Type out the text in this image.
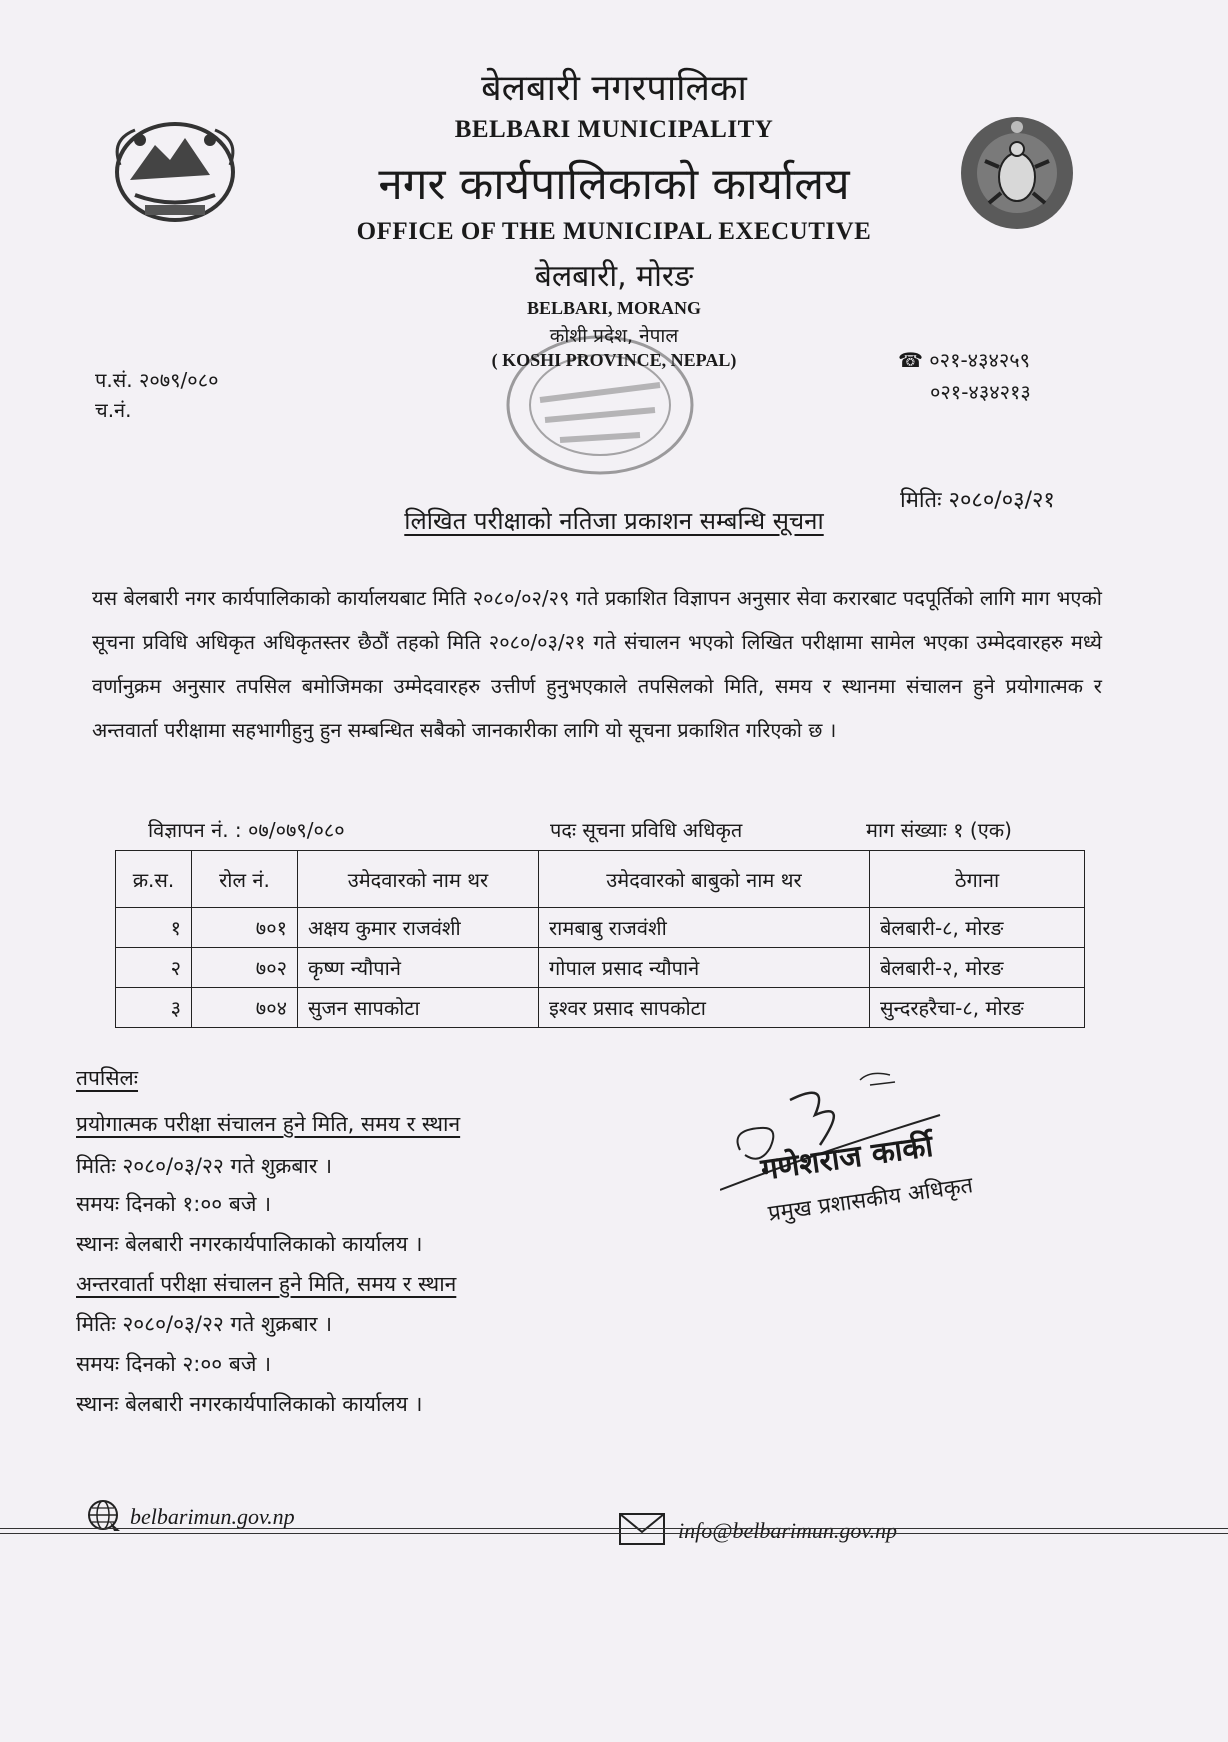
बेलबारी नगरपालिका
BELBARI MUNICIPALITY
नगर कार्यपालिकाको कार्यालय
OFFICE OF THE MUNICIPAL EXECUTIVE
बेलबारी, मोरङ
BELBARI, MORANG
कोशी प्रदेश, नेपाल
( KOSHI PROVINCE, NEPAL)
प.सं. २०७९/०८०
च.नं.
☎ ०२१-४३४२५९
०२१-४३४२१३
मितिः २०८०/०३/२१
लिखित परीक्षाको नतिजा प्रकाशन सम्बन्धि सूचना
यस बेलबारी नगर कार्यपालिकाको कार्यालयबाट मिति २०८०/०२/२९ गते प्रकाशित विज्ञापन अनुसार सेवा करारबाट पदपूर्तिको लागि माग भएको सूचना प्रविधि अधिकृत अधिकृतस्तर छैठौं तहको मिति २०८०/०३/२१ गते संचालन भएको लिखित परीक्षामा सामेल भएका उम्मेदवारहरु मध्ये वर्णानुक्रम अनुसार तपसिल बमोजिमका उम्मेदवारहरु उत्तीर्ण हुनुभएकाले तपसिलको मिति, समय र स्थानमा संचालन हुने प्रयोगात्मक र अन्तवार्ता परीक्षामा सहभागीहुनु हुन सम्बन्धित सबैको जानकारीका लागि यो सूचना प्रकाशित गरिएको छ ।
विज्ञापन नं. : ०७/०७९/०८०	पदः सूचना प्रविधि अधिकृत	माग संख्याः १ (एक)
क्र.स.	रोल नं.	उमेदवारको नाम थर	उमेदवारको बाबुको नाम थर	ठेगाना
१	७०१	अक्षय कुमार राजवंशी	रामबाबु राजवंशी	बेलबारी-८, मोरङ
२	७०२	कृष्ण न्यौपाने	गोपाल प्रसाद न्यौपाने	बेलबारी-२, मोरङ
३	७०४	सुजन सापकोटा	इश्वर प्रसाद सापकोटा	सुन्दरहरैचा-८, मोरङ
तपसिलः
प्रयोगात्मक परीक्षा संचालन हुने मिति, समय र स्थान
मितिः २०८०/०३/२२ गते शुक्रबार ।
समयः दिनको १:०० बजे ।
स्थानः बेलबारी नगरकार्यपालिकाको कार्यालय ।
अन्तरवार्ता परीक्षा संचालन हुने मिति, समय र स्थान
मितिः २०८०/०३/२२ गते शुक्रबार ।
समयः दिनको २:०० बजे ।
स्थानः बेलबारी नगरकार्यपालिकाको कार्यालय ।
गणेशराज कार्की
प्रमुख प्रशासकीय अधिकृत
belbarimun.gov.np
info@belbarimun.gov.np
